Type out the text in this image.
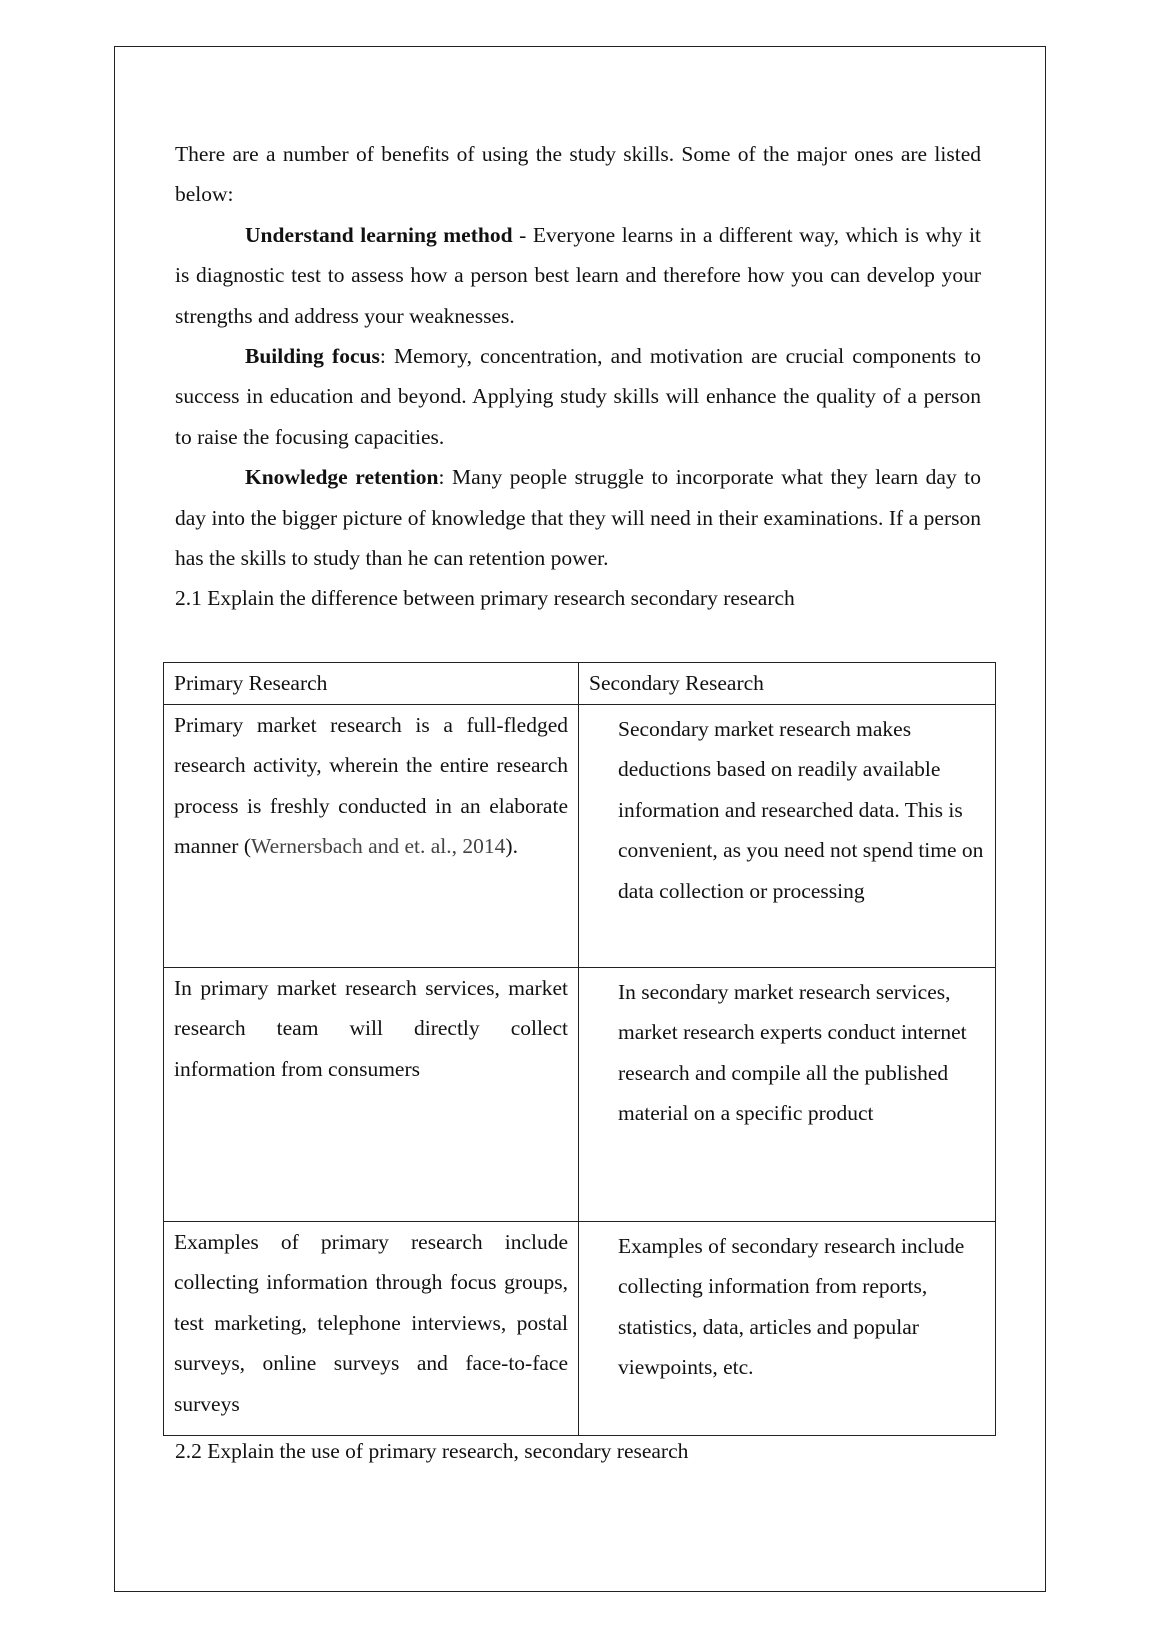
There are a number of benefits of using the study skills. Some of the major ones are listed below:

Understand learning method - Everyone learns in a different way, which is why it is diagnostic test to assess how a person best learn and therefore how you can develop your strengths and address your weaknesses.

Building focus: Memory, concentration, and motivation are crucial components to success in education and beyond. Applying study skills will enhance the quality of a person to raise the focusing capacities.

Knowledge retention: Many people struggle to incorporate what they learn day to day into the bigger picture of knowledge that they will need in their examinations. If a person has the skills to study than he can retention power.

2.1 Explain the difference between primary research secondary research

Primary Research	Secondary Research
Primary market research is a full-fledged research activity, wherein the entire research process is freshly conducted in an elaborate manner (Wernersbach and et. al., 2014).	Secondary market research makes deductions based on readily available information and researched data. This is convenient, as you need not spend time on data collection or processing
In primary market research services, market research team will directly collect information from consumers	In secondary market research services, market research experts conduct internet research and compile all the published material on a specific product
Examples of primary research include collecting information through focus groups, test marketing, telephone interviews, postal surveys, online surveys and face-to-face surveys	Examples of secondary research include collecting information from reports, statistics, data, articles and popular viewpoints, etc.

2.2 Explain the use of primary research, secondary research
